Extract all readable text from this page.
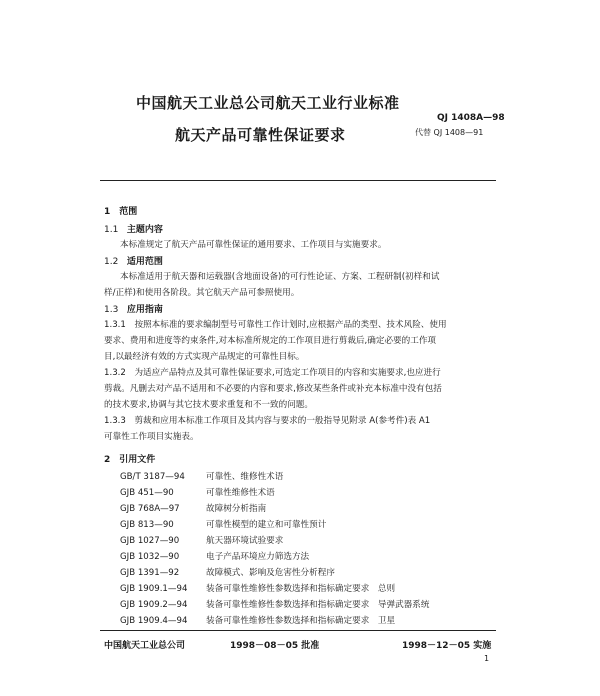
中国航天工业总公司航天工业行业标准
QJ 1408A—98
航天产品可靠性保证要求	代替 QJ 1408—91
1　范围
1.1 主题内容
本标准规定了航天产品可靠性保证的通用要求、工作项目与实施要求。
1.2 适用范围
本标准适用于航天器和运载器(含地面设备)的可行性论证、方案、工程研制(初样和试
样/正样)和使用各阶段。其它航天产品可参照使用。
1.3 应用指南
1.3.1　按照本标准的要求编制型号可靠性工作计划时,应根据产品的类型、技术风险、使用
要求、费用和进度等约束条件,对本标准所规定的工作项目进行剪裁后,确定必要的工作项
目,以最经济有效的方式实现产品规定的可靠性目标。
1.3.2　为适应产品特点及其可靠性保证要求,可选定工作项目的内容和实施要求,也应进行
剪裁。凡删去对产品不适用和不必要的内容和要求,修改某些条件或补充本标准中没有包括
的技术要求,协调与其它技术要求重复和不一致的问题。
1.3.3　剪裁和应用本标准工作项目及其内容与要求的一般指导见附录 A(参考件)表 A1
可靠性工作项目实施表。
2　引用文件
GB/T 3187—94 可靠性、维修性术语
GJB 451—90	可靠性维修性术语
GJB 768A—97	故障树分析指南
GJB 813—90	可靠性模型的建立和可靠性预计
GJB 1027—90	航天器环境试验要求
GJB 1032—90	电子产品环境应力筛选方法
GJB 1391—92	故障模式、影响及危害性分析程序
GJB 1909.1—94 装备可靠性维修性参数选择和指标确定要求　总则
GJB 1909.2—94 装备可靠性维修性参数选择和指标确定要求　导弹武器系统
GJB 1909.4—94 装备可靠性维修性参数选择和指标确定要求　卫星
中国航天工业总公司	1998－08－05 批准	1998－12－05 实施
1
